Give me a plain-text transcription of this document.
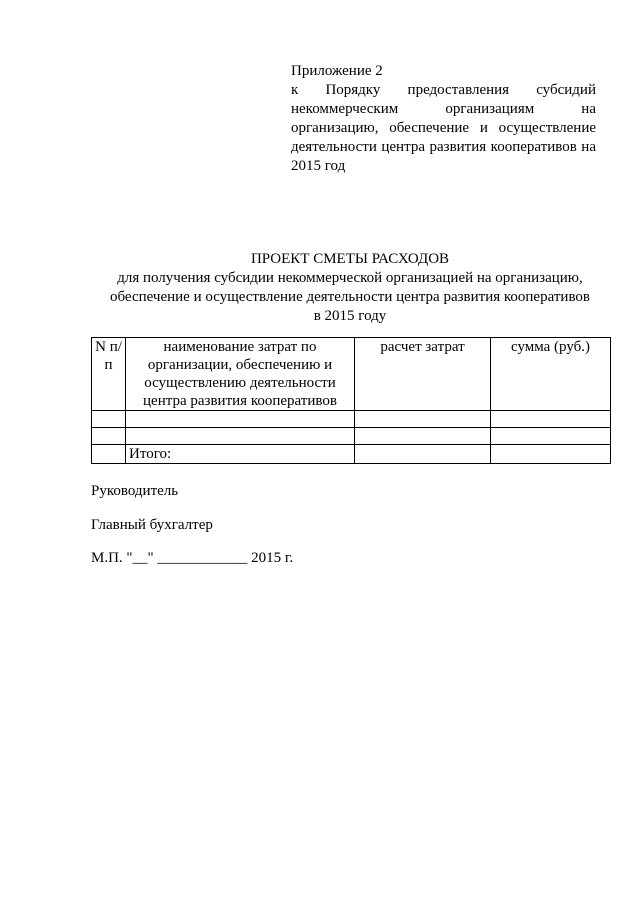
Приложение 2
к Порядку предоставления субсидий некоммерческим организациям на организацию, обеспечение и осуществление деятельности центра развития кооперативов на 2015 год
ПРОЕКТ СМЕТЫ РАСХОДОВ
для получения субсидии некоммерческой организацией на организацию,
обеспечение и осуществление деятельности центра развития кооперативов
в 2015 году
N п/п	наименование затрат по организации, обеспечению и осуществлению деятельности центра развития кооперативов	расчет затрат	сумма (руб.)

	Итого:		
Руководитель
Главный бухгалтер
М.П. "__" ____________ 2015 г.
